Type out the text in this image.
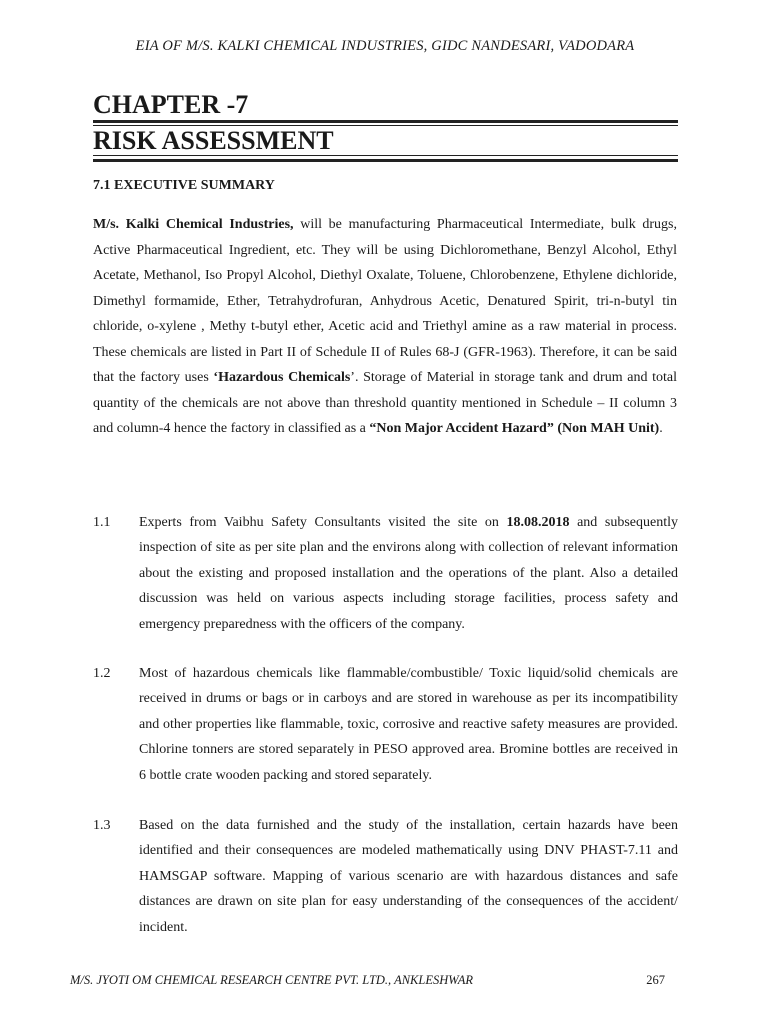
EIA OF M/S. KALKI CHEMICAL INDUSTRIES, GIDC NANDESARI, VADODARA
CHAPTER -7
RISK ASSESSMENT
7.1 EXECUTIVE SUMMARY

M/s. Kalki Chemical Industries, will be manufacturing Pharmaceutical Intermediate, bulk drugs, Active Pharmaceutical Ingredient, etc. They will be using Dichloromethane, Benzyl Alcohol, Ethyl Acetate, Methanol, Iso Propyl Alcohol, Diethyl Oxalate, Toluene, Chlorobenzene, Ethylene dichloride, Dimethyl formamide, Ether, Tetrahydrofuran, Anhydrous Acetic, Denatured Spirit, tri-n-butyl tin chloride, o-xylene , Methy t-butyl ether, Acetic acid and Triethyl amine as a raw material in process. These chemicals are listed in Part II of Schedule II of Rules 68-J (GFR-1963). Therefore, it can be said that the factory uses ‘Hazardous Chemicals’. Storage of Material in storage tank and drum and total quantity of the chemicals are not above than threshold quantity mentioned in Schedule – II column 3 and column-4 hence the factory in classified as a “Non Major Accident Hazard” (Non MAH Unit).

1.1	Experts from Vaibhu Safety Consultants visited the site on 18.08.2018 and subsequently inspection of site as per site plan and the environs along with collection of relevant information about the existing and proposed installation and the operations of the plant. Also a detailed discussion was held on various aspects including storage facilities, process safety and emergency preparedness with the officers of the company.

1.2	Most of hazardous chemicals like flammable/combustible/ Toxic liquid/solid chemicals are received in drums or bags or in carboys and are stored in warehouse as per its incompatibility and other properties like flammable, toxic, corrosive and reactive safety measures are provided. Chlorine tonners are stored separately in PESO approved area. Bromine bottles are received in 6 bottle crate wooden packing and stored separately.

1.3	Based on the data furnished and the study of the installation, certain hazards have been identified and their consequences are modeled mathematically using DNV PHAST-7.11 and HAMSGAP software. Mapping of various scenario are with hazardous distances and safe distances are drawn on site plan for easy understanding of the consequences of the accident/ incident.

M/S. JYOTI OM CHEMICAL RESEARCH CENTRE PVT. LTD., ANKLESHWAR	267
